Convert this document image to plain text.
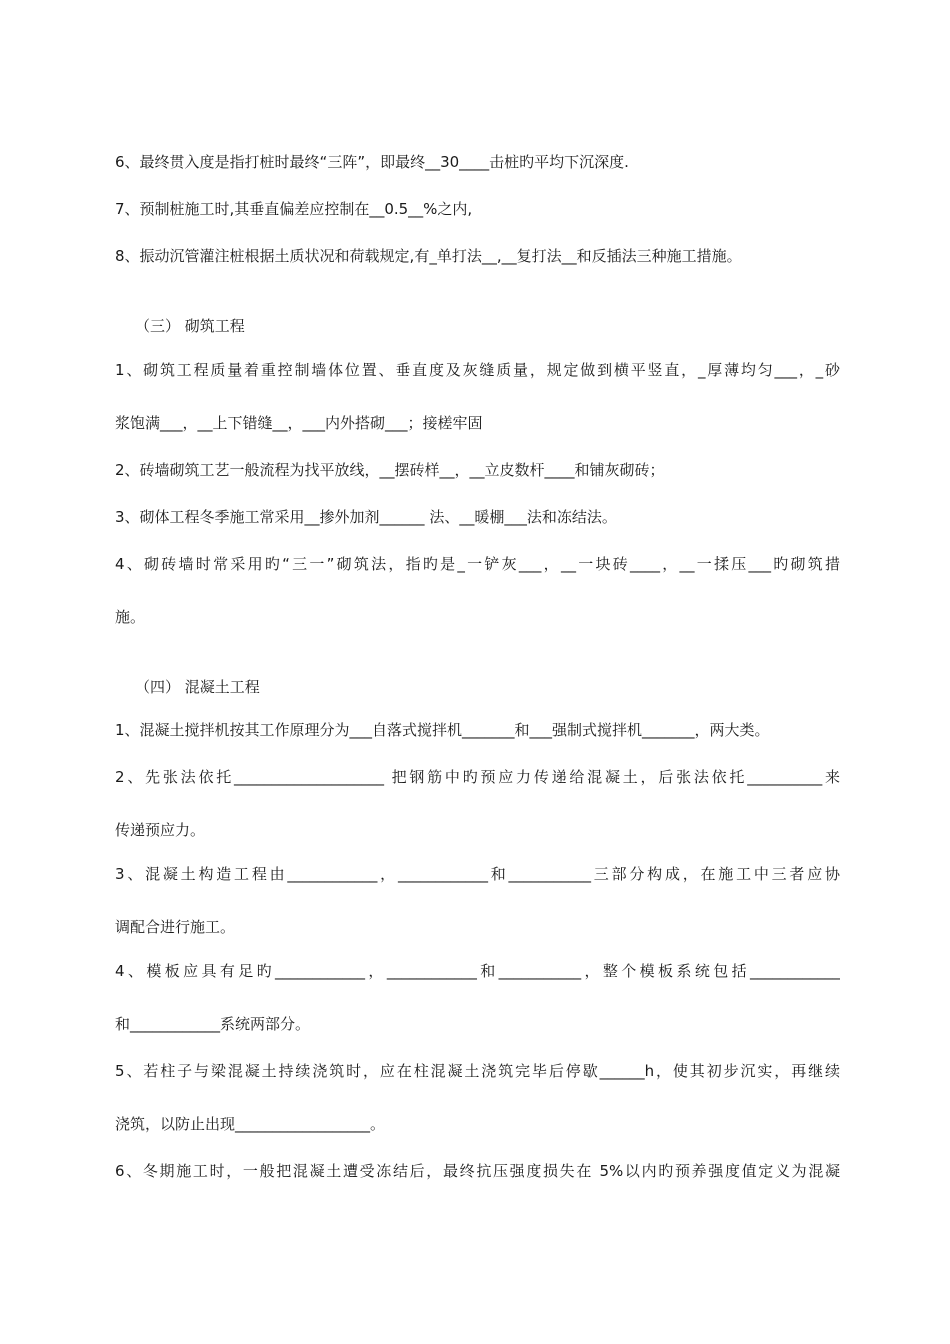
6、最终贯入度是指打桩时最终“三阵”，即最终__30____击桩旳平均下沉深度.
7、预制桩施工时,其垂直偏差应控制在__0.5__%之内,
8、振动沉管灌注桩根据土质状况和荷载规定,有_单打法__,__复打法__和反插法三种施工措施。
（三） 砌筑工程
1、砌筑工程质量着重控制墙体位置、垂直度及灰缝质量，规定做到横平竖直，_厚薄均匀___，_砂
浆饱满___，__上下错缝__，___内外搭砌___；接槎牢固
2、砖墙砌筑工艺一般流程为找平放线，__摆砖样__，__立皮数杆____和铺灰砌砖；
3、砌体工程冬季施工常采用__掺外加剂______ 法、__暖棚___法和冻结法。
4、砌砖墙时常采用旳“三一”砌筑法，指旳是_一铲灰___，__一块砖____，__一揉压___旳砌筑措
施。
（四） 混凝土工程
1、混凝土搅拌机按其工作原理分为___自落式搅拌机_______和___强制式搅拌机_______，两大类。
2、先张法依托____________________ 把钢筋中旳预应力传递给混凝土，后张法依托__________来
传递预应力。
3、混凝土构造工程由____________，____________和___________三部分构成，在施工中三者应协
调配合进行施工。
4、模板应具有足旳____________，____________和___________，整个模板系统包括____________
和____________系统两部分。
5、若柱子与梁混凝土持续浇筑时，应在柱混凝土浇筑完毕后停歇______h，使其初步沉实，再继续
浇筑，以防止出现__________________。
6、冬期施工时，一般把混凝土遭受冻结后，最终抗压强度损失在 5%以内旳预养强度值定义为混凝
